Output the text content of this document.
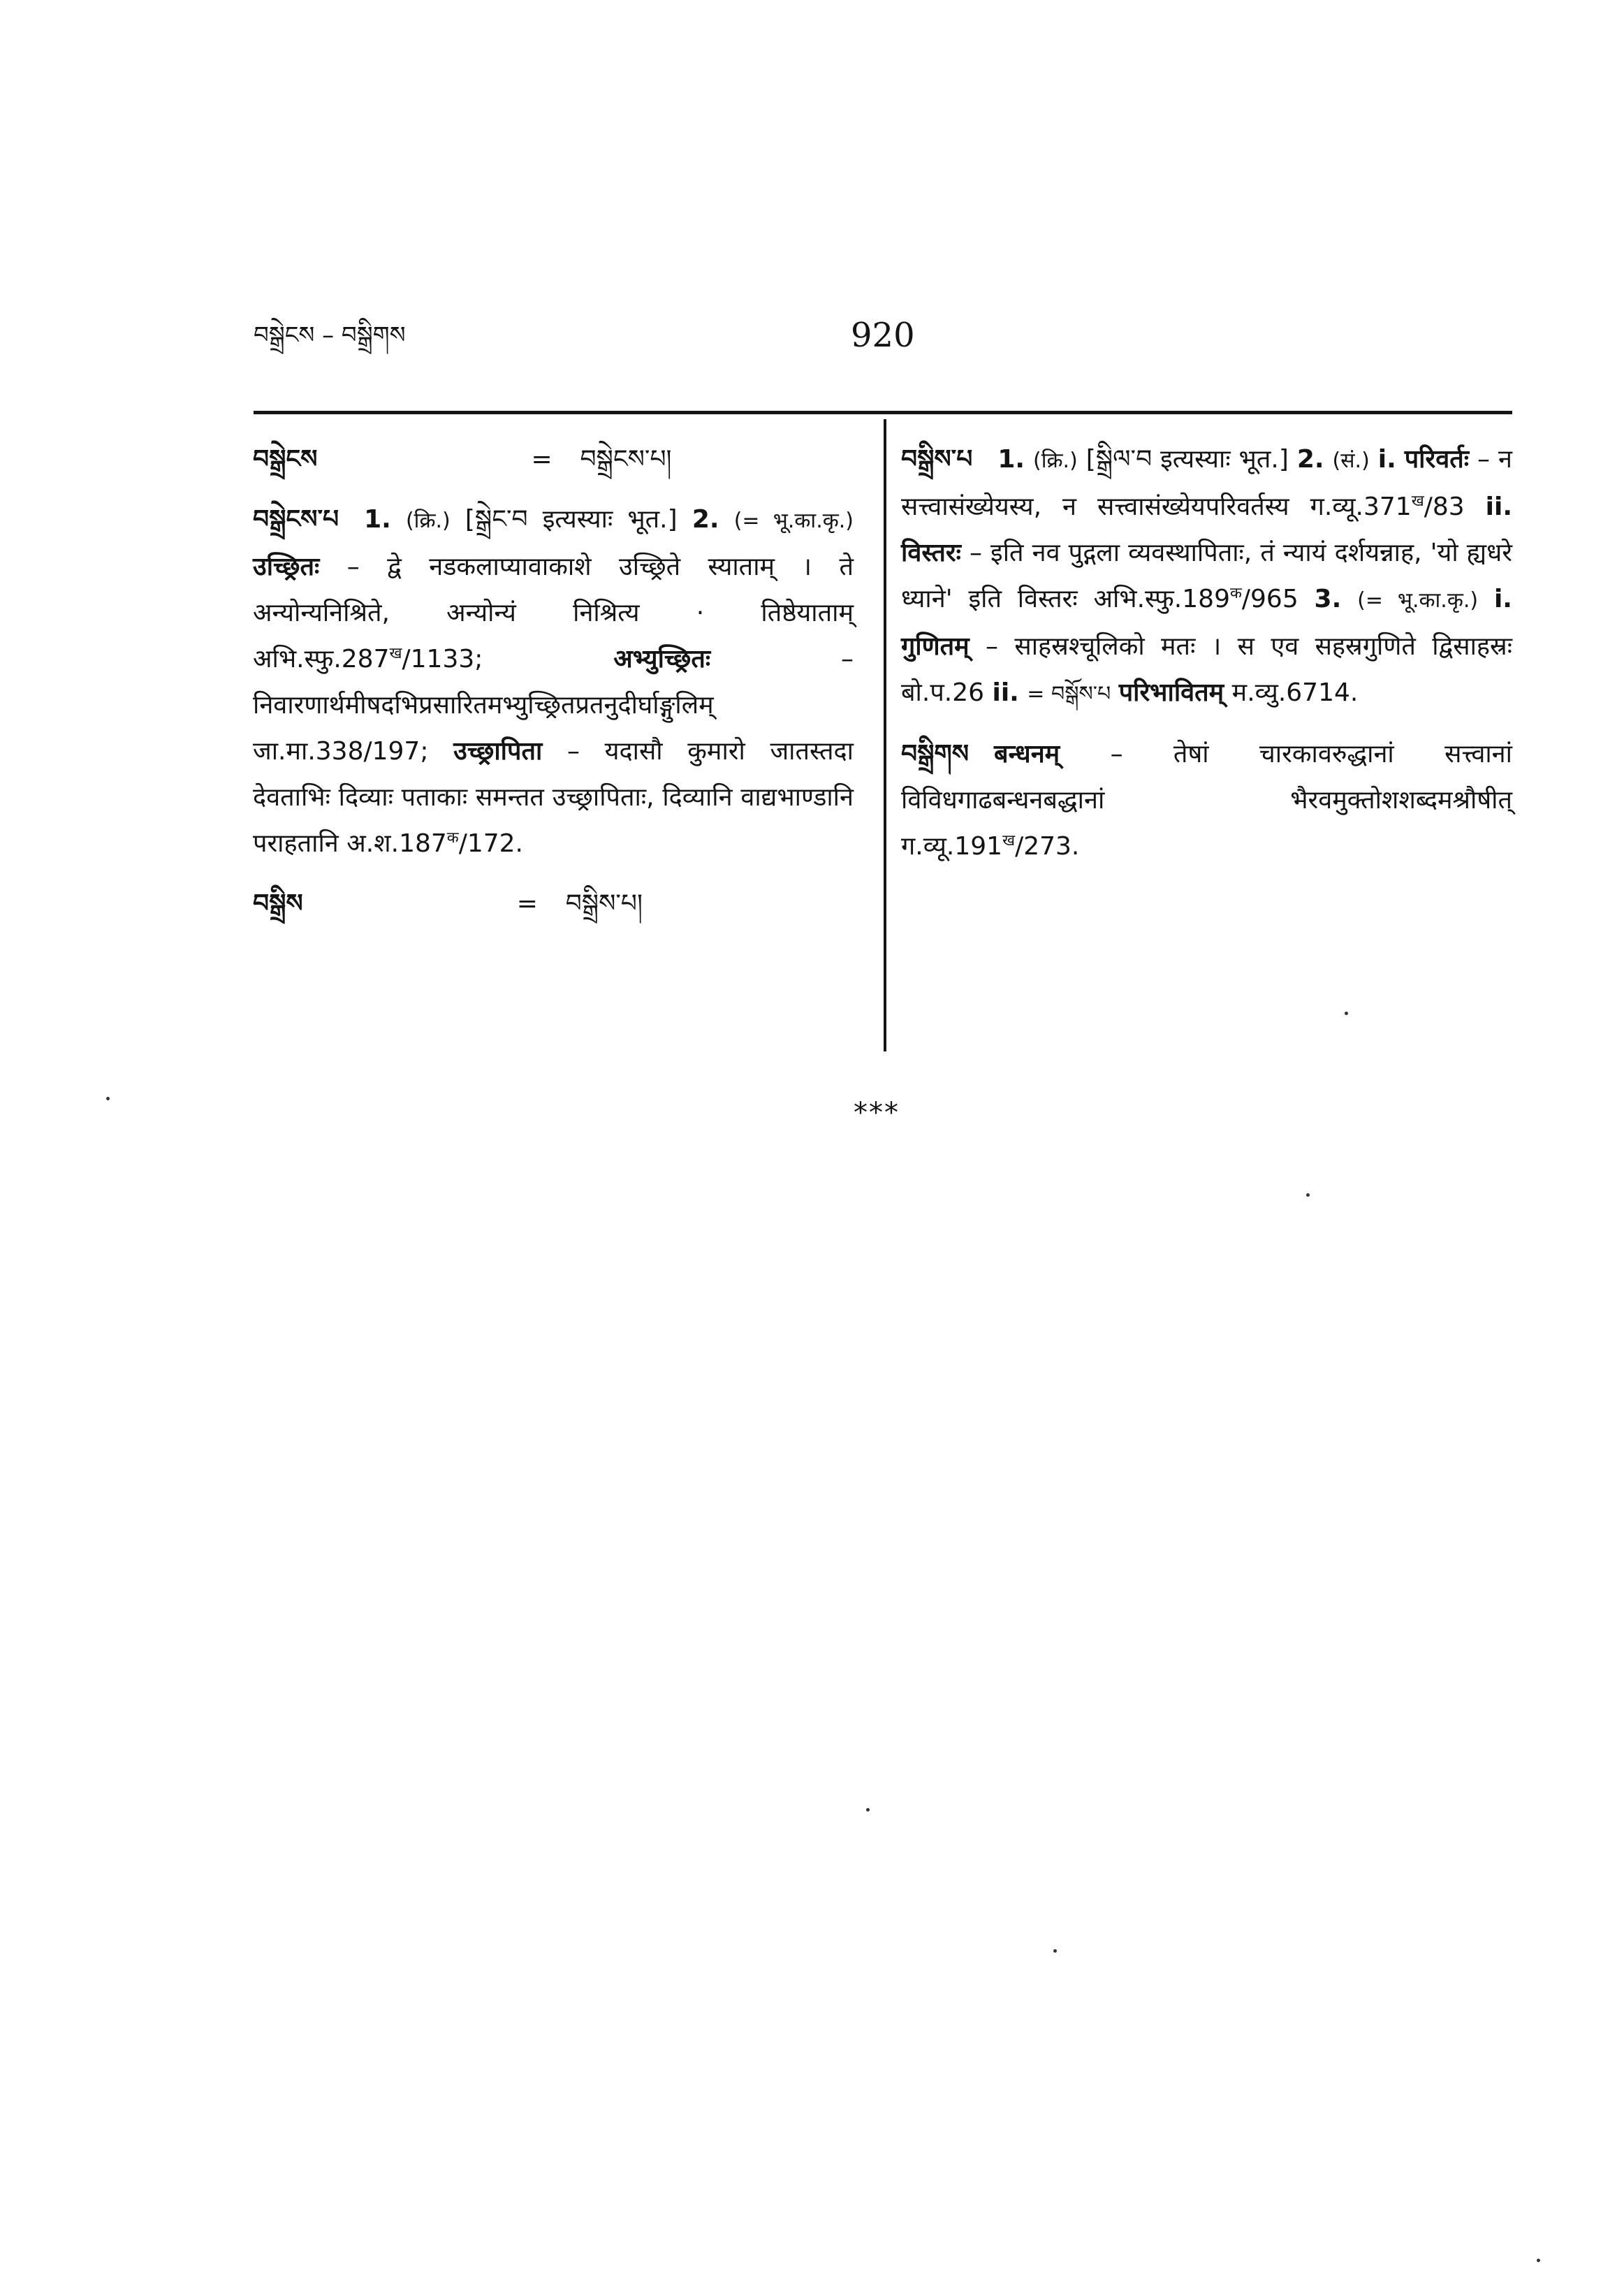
བསྒྲེངས – བསྒྲིགས	920
བསྒྲེངས	=	བསྒྲེངས་པ།

བསྒྲེངས་པ 1. (क्रि.) [སྒྲེང་བ इत्यस्याः भूत.] 2. (= भू.का.कृ.) उच्छ्रितः – द्वे नडकलाप्यावाकाशे उच्छ्रिते स्याताम् । ते अन्योन्यनिश्रिते, अन्योन्यं निश्रित्य · तिष्ठेयाताम् $अभि.स्फु.287^ख/1133$;	अभ्युच्छ्रितः	– निवारणार्थमीषदभिप्रसारितमभ्युच्छ्रितप्रतनुदीर्घाङ्गुलिम् जा.मा.338/197; उच्छ्रापिता – यदासौ कुमारो जातस्तदा देवताभिः दिव्याः पताकाः समन्तत उच्छ्रापिताः, दिव्यानि वाद्यभाण्डानि पराहतानि $अ.श.187^क/172$.

བསྒྲིས	=	བསྒྲིས་པ།

བསྒྲིས་པ 1. (क्रि.) [སྒྲིལ་བ इत्यस्याः भूत.] 2. (सं.) i. परिवर्तः – न सत्त्वासंख्येयस्य, न सत्त्वासंख्येयपरिवर्तस्य $ग.व्यू.371^ख/83$ ii. विस्तरः – इति नव पुद्गला व्यवस्थापिताः, तं न्यायं दर्शयन्नाह, 'यो ह्यधरे ध्याने' इति विस्तरः $अभि.स्फु.189^क/965$ 3. (= भू.का.कृ.) i. गुणितम् – साहस्रश्चूलिको मतः । स एव सहस्रगुणिते द्विसाहस्रः बो.प.26 ii. = བསྒོས་པ परिभावितम् म.व्यु.6714.

བསྒྲིགས बन्धनम् – तेषां चारकावरुद्धानां सत्त्वानां विविधगाढबन्धनबद्धानां भैरवमुक्तोशशब्दमश्रौषीत् $ग.व्यू.191^ख/273$.

***
